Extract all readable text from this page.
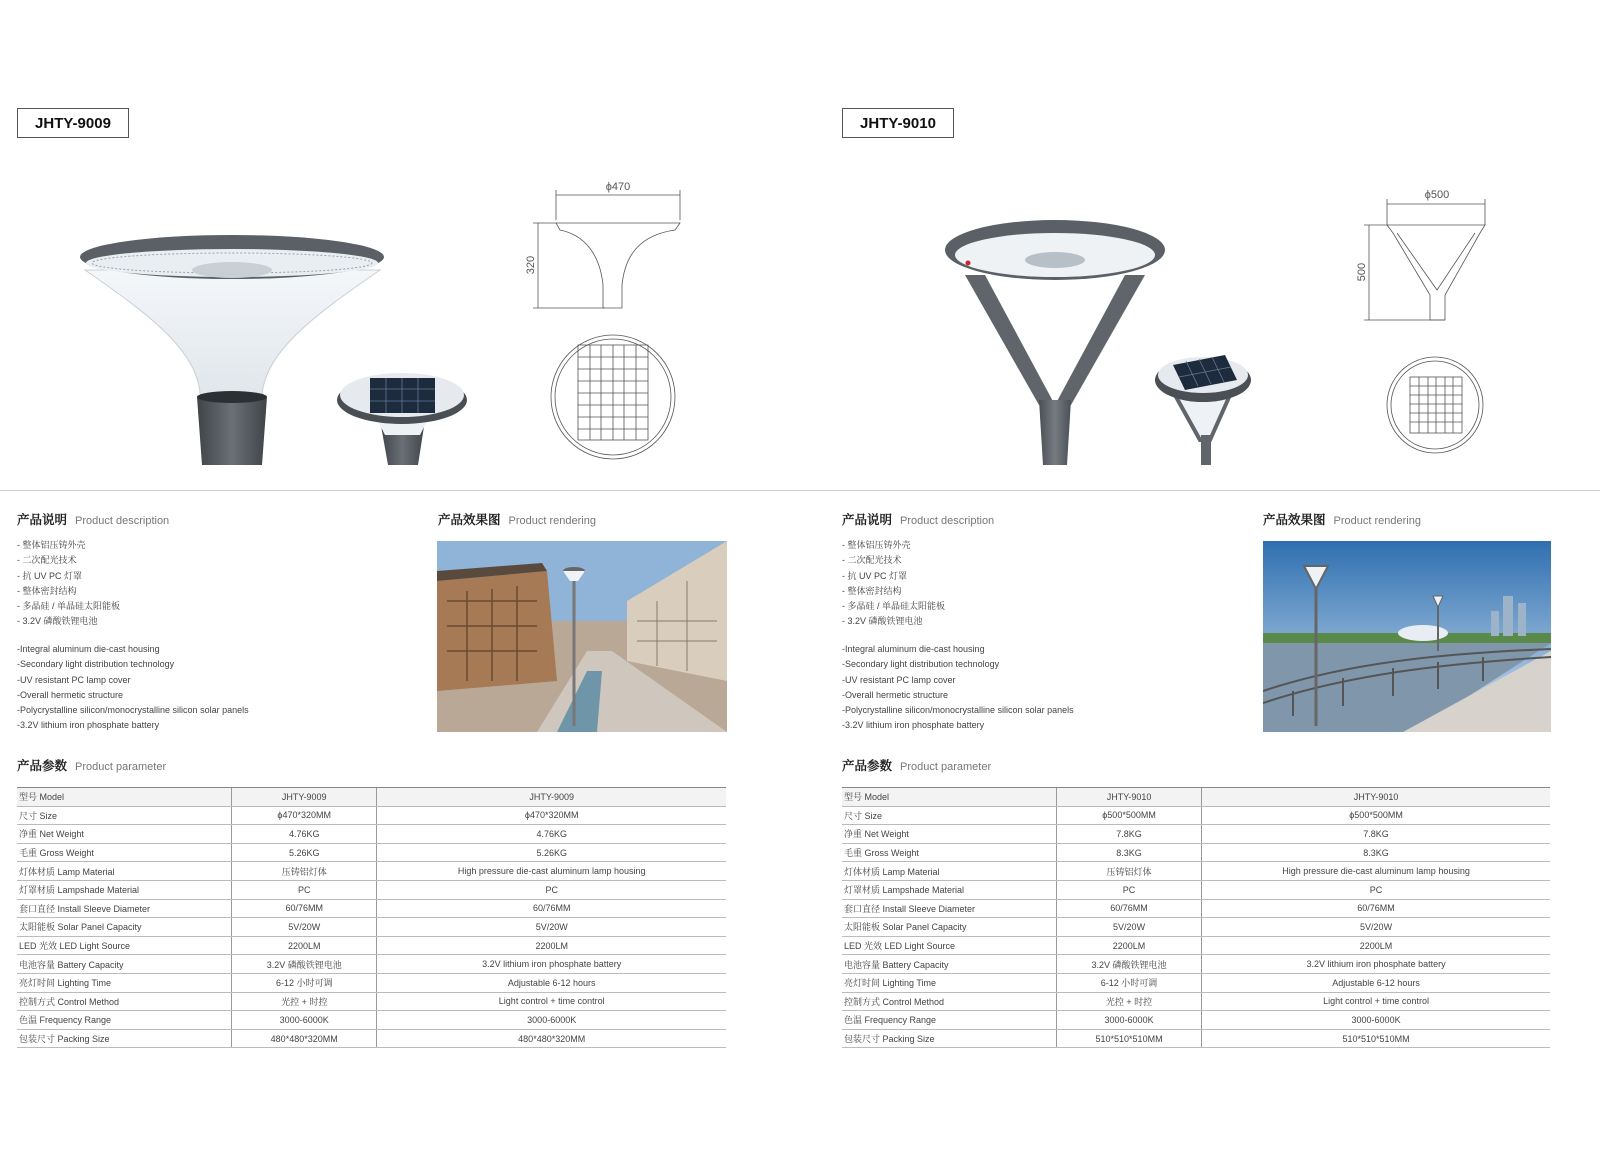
JHTY-9009
ϕ470
320
产品说明 Product description
- 整体铝压铸外壳
- 二次配光技术
- 抗 UV PC 灯罩
- 整体密封结构
- 多晶硅 / 单晶硅太阳能板
- 3.2V 磷酸铁锂电池
-Integral aluminum die-cast housing
-Secondary light distribution technology
-UV resistant PC lamp cover
-Overall hermetic structure
-Polycrystalline silicon/monocrystalline silicon solar panels
-3.2V lithium iron phosphate battery
产品效果图 Product rendering
产品参数 Product parameter
型号 Model	JHTY-9009	JHTY-9009
尺寸 Size	ϕ470*320MM	ϕ470*320MM
净重 Net Weight	4.76KG	4.76KG
毛重 Gross Weight	5.26KG	5.26KG
灯体材质 Lamp Material	压铸铝灯体	High pressure die-cast aluminum lamp housing
灯罩材质 Lampshade Material	PC	PC
套口直径 Install Sleeve Diameter	60/76MM	60/76MM
太阳能板 Solar Panel Capacity	5V/20W	5V/20W
LED 光效 LED Light Source	2200LM	2200LM
电池容量 Battery Capacity	3.2V 磷酸铁锂电池	3.2V lithium iron phosphate battery
亮灯时间 Lighting Time	6-12 小时可调	Adjustable 6-12 hours
控制方式 Control Method	光控 + 时控	Light control + time control
色温 Frequency Range	3000-6000K	3000-6000K
包装尺寸 Packing Size	480*480*320MM	480*480*320MM
JHTY-9010
ϕ500
500
产品说明 Product description
- 整体铝压铸外壳
- 二次配光技术
- 抗 UV PC 灯罩
- 整体密封结构
- 多晶硅 / 单晶硅太阳能板
- 3.2V 磷酸铁锂电池
-Integral aluminum die-cast housing
-Secondary light distribution technology
-UV resistant PC lamp cover
-Overall hermetic structure
-Polycrystalline silicon/monocrystalline silicon solar panels
-3.2V lithium iron phosphate battery
产品效果图 Product rendering
产品参数 Product parameter
型号 Model	JHTY-9010	JHTY-9010
尺寸 Size	ϕ500*500MM	ϕ500*500MM
净重 Net Weight	7.8KG	7.8KG
毛重 Gross Weight	8.3KG	8.3KG
灯体材质 Lamp Material	压铸铝灯体	High pressure die-cast aluminum lamp housing
灯罩材质 Lampshade Material	PC	PC
套口直径 Install Sleeve Diameter	60/76MM	60/76MM
太阳能板 Solar Panel Capacity	5V/20W	5V/20W
LED 光效 LED Light Source	2200LM	2200LM
电池容量 Battery Capacity	3.2V 磷酸铁锂电池	3.2V lithium iron phosphate battery
亮灯时间 Lighting Time	6-12 小时可调	Adjustable 6-12 hours
控制方式 Control Method	光控 + 时控	Light control + time control
色温 Frequency Range	3000-6000K	3000-6000K
包装尺寸 Packing Size	510*510*510MM	510*510*510MM
